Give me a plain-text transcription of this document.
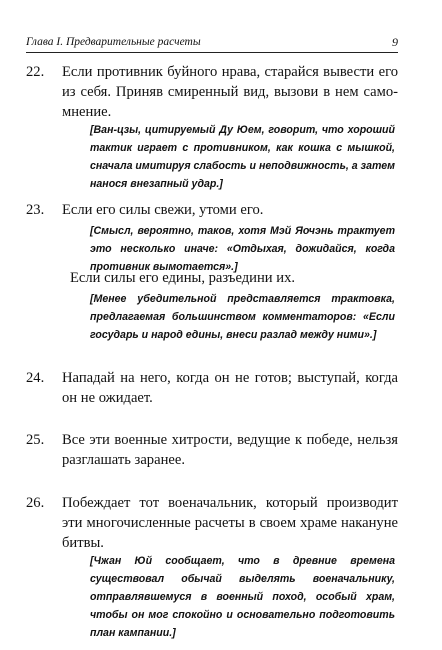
Глава I. Предварительные расчеты	9
22. Если противник буйного нрава, старайся вывести его из себя. Приняв смиренный вид, вызови в нем само-мнение.
[Ван-цзы, цитируемый Ду Юем, говорит, что хороший тактик играет с противником, как кошка с мышкой, сначала имитируя слабость и неподвижность, а затем нанося внезапный удар.]
23. Если его силы свежи, утоми его.
[Смысл, вероятно, таков, хотя Мэй Яочэнь трактует это несколько иначе: «Отдыхая, дожидайся, когда противник вымотается».]
Если силы его едины, разъедини их.
[Менее убедительной представляется трактовка, предлагаемая большинством комментаторов: «Если государь и народ едины, внеси разлад между ними».]
24. Нападай на него, когда он не готов; выступай, когда он не ожидает.
25. Все эти военные хитрости, ведущие к победе, нельзя разглашать заранее.
26. Побеждает тот военачальник, который производит эти многочисленные расчеты в своем храме накануне битвы.
[Чжан Юй сообщает, что в древние времена существовал обычай выделять военачальнику, отправлявшемуся в военный поход, особый храм, чтобы он мог спокойно и основательно подготовить план кампании.]
